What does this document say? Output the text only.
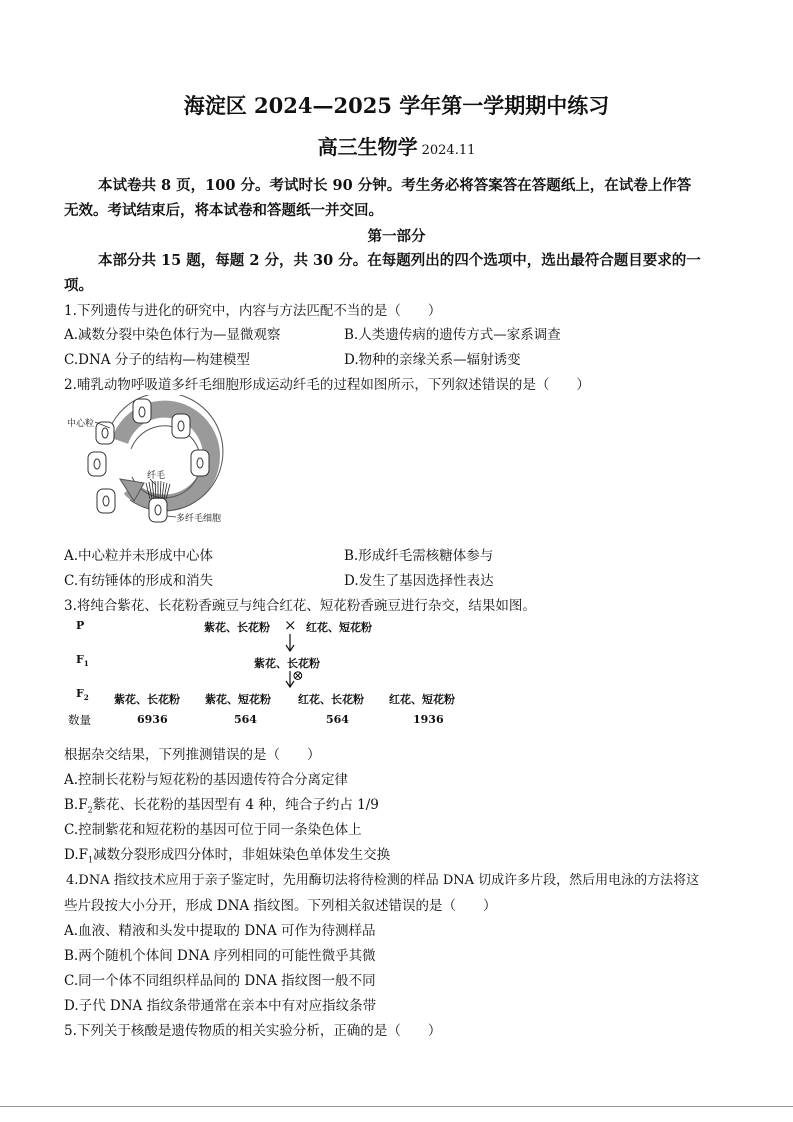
海淀区 2024—2025 学年第一学期期中练习
高三生物学 2024.11
本试卷共 8 页，100 分。考试时长 90 分钟。考生务必将答案答在答题纸上，在试卷上作答
无效。考试结束后，将本试卷和答题纸一并交回。
第一部分
本部分共 15 题，每题 2 分，共 30 分。在每题列出的四个选项中，选出最符合题目要求的一
项。
1.下列遗传与进化的研究中，内容与方法匹配不当的是（　　）
A.减数分裂中染色体行为—显微观察	B.人类遗传病的遗传方式—家系调查
C.DNA 分子的结构—构建模型	D.物种的亲缘关系—辐射诱变
2.哺乳动物呼吸道多纤毛细胞形成运动纤毛的过程如图所示，下列叙述错误的是（　　）
中心粒
纤毛
多纤毛细胞
A.中心粒并未形成中心体	B.形成纤毛需核糖体参与
C.有纺锤体的形成和消失	D.发生了基因选择性表达
3.将纯合紫花、长花粉香豌豆与纯合红花、短花粉香豌豆进行杂交，结果如图。
P	紫花、长花粉 × 红花、短花粉
$F_1$	紫花、长花粉
⊗
$F_2$ 紫花、长花粉 紫花、短花粉 红花、长花粉 红花、短花粉
数量	6936	564	564	1936
根据杂交结果，下列推测错误的是（　　）
A.控制长花粉与短花粉的基因遗传符合分离定律
$B.F_2$紫花、长花粉的基因型有 4 种，纯合子约占 1/9
C.控制紫花和短花粉的基因可位于同一条染色体上
$D.F_1$减数分裂形成四分体时，非姐妹染色单体发生交换
4.DNA 指纹技术应用于亲子鉴定时，先用酶切法将待检测的样品 DNA 切成许多片段，然后用电泳的方法将这
些片段按大小分开，形成 DNA 指纹图。下列相关叙述错误的是（　　）
A.血液、精液和头发中提取的 DNA 可作为待测样品
B.两个随机个体间 DNA 序列相同的可能性微乎其微
C.同一个体不同组织样品间的 DNA 指纹图一般不同
D.子代 DNA 指纹条带通常在亲本中有对应指纹条带
5.下列关于核酸是遗传物质的相关实验分析，正确的是（　　）
